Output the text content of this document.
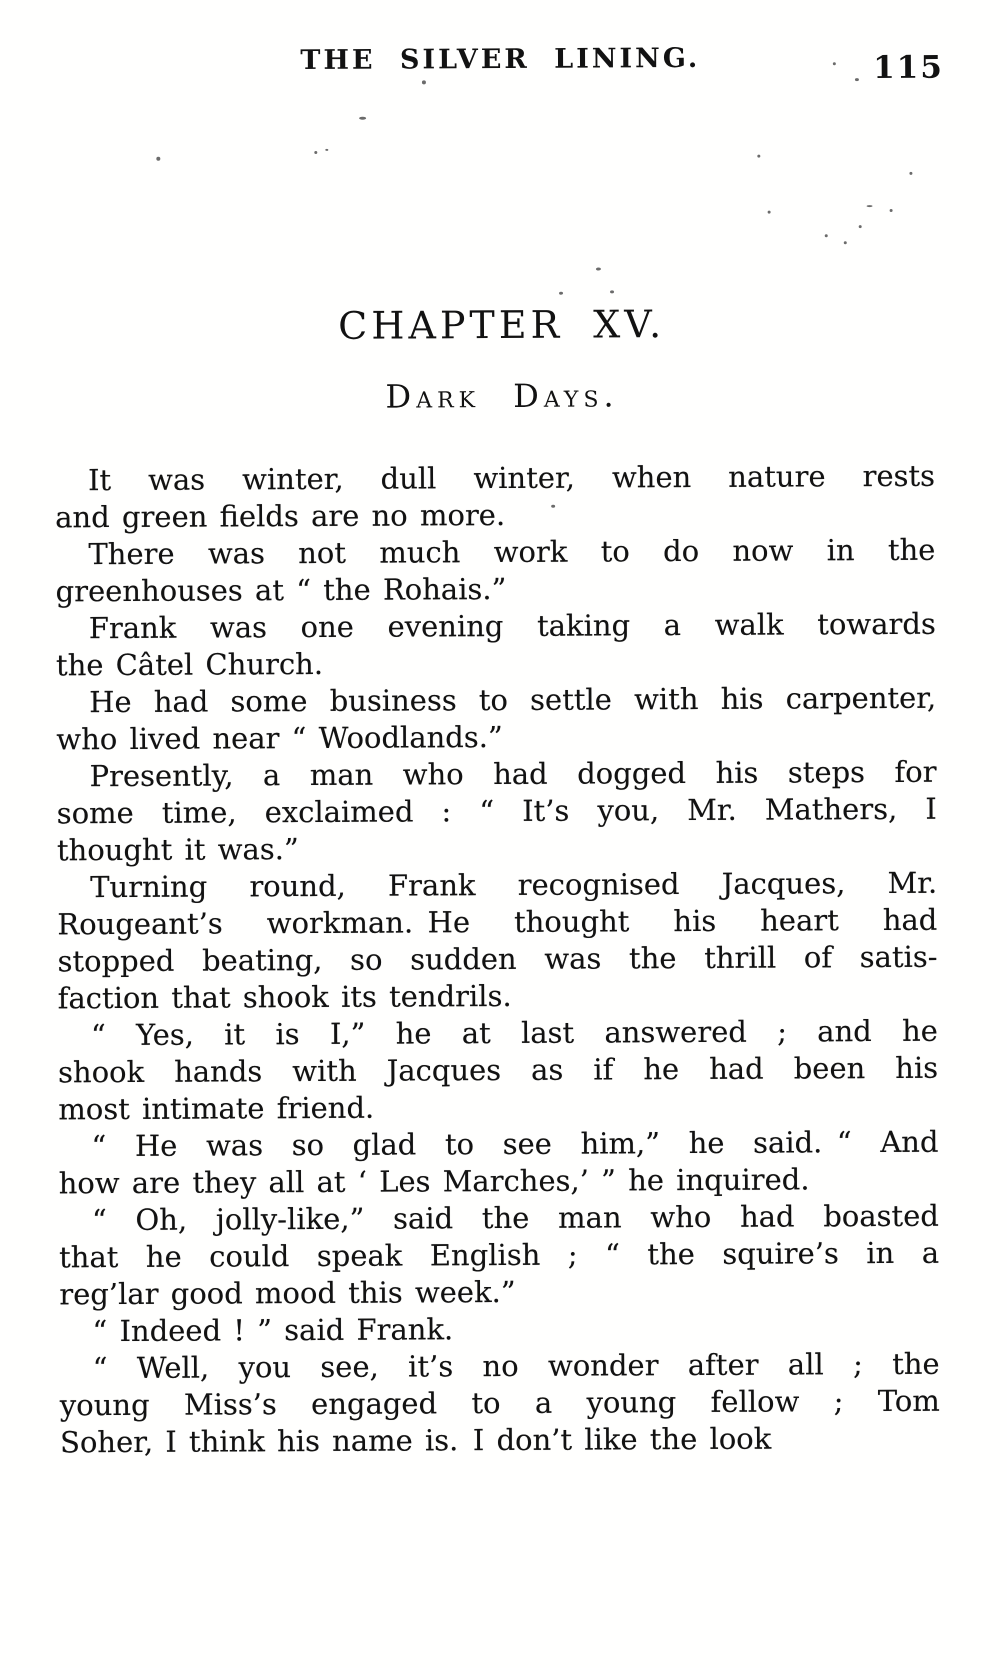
THE SILVER LINING.	115
CHAPTER XV.
Dark Days.
It was winter, dull winter, when nature rests
and green fields are no more.
There was not much work to do now in the
greenhouses at “ the Rohais.”
Frank was one evening taking a walk towards
the Câtel Church.
He had some business to settle with his carpenter,
who lived near “ Woodlands.”
Presently, a man who had dogged his steps for
some time, exclaimed : “ It’s you, Mr. Mathers, I
thought it was.”
Turning round, Frank recognised Jacques, Mr.
Rougeant’s workman. He thought his heart had
stopped beating, so sudden was the thrill of satis-
faction that shook its tendrils.
“ Yes, it is I,” he at last answered ; and he
shook hands with Jacques as if he had been his
most intimate friend.
“ He was so glad to see him,” he said. “ And
how are they all at ‘ Les Marches,’ ” he inquired.
“ Oh, jolly-like,” said the man who had boasted
that he could speak English ; “ the squire’s in a
reg’lar good mood this week.”
“ Indeed ! ” said Frank.
“ Well, you see, it’s no wonder after all ; the
young Miss’s engaged to a young fellow ; Tom
Soher, I think his name is. I don’t like the look
